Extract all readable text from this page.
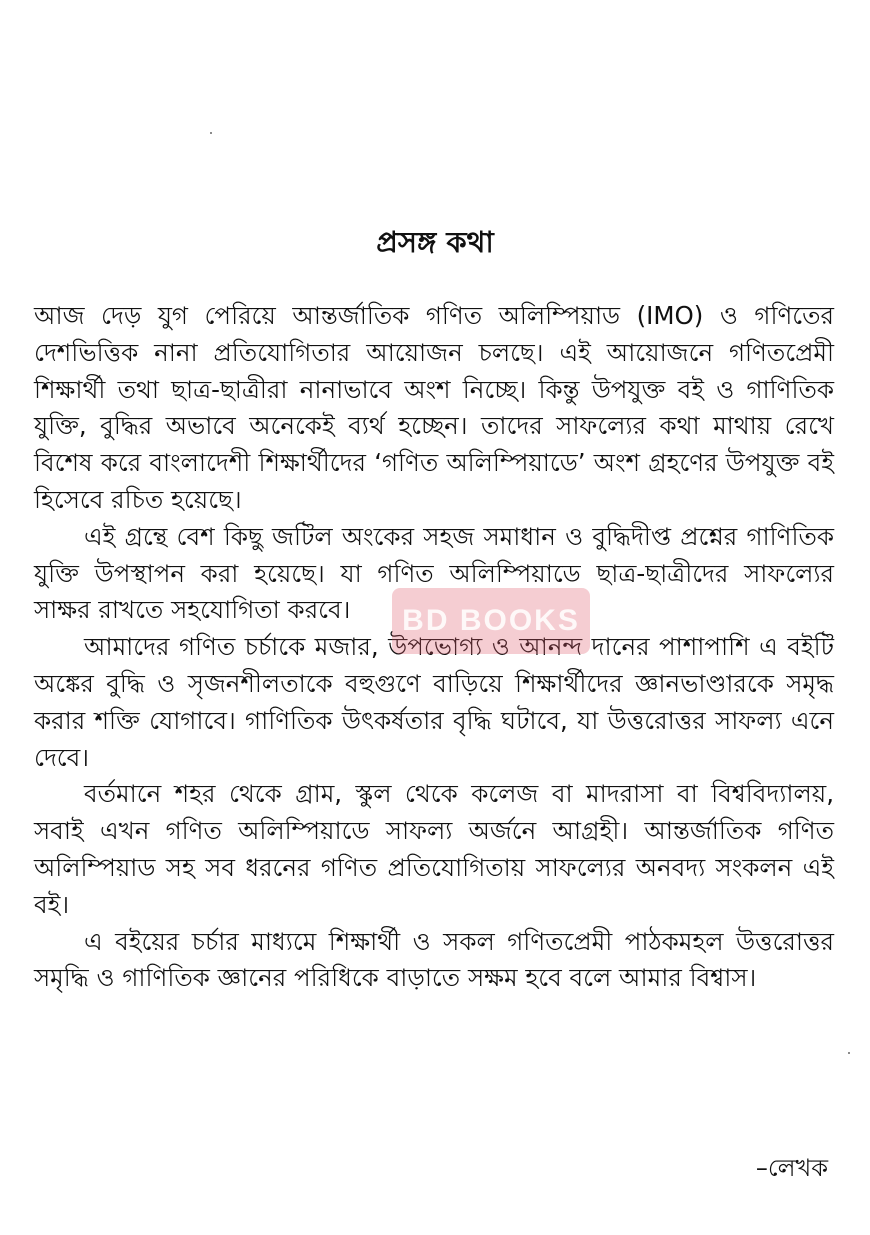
প্রসঙ্গ কথা

আজ দেড় যুগ পেরিয়ে আন্তর্জাতিক গণিত অলিম্পিয়াড (IMO) ও গণিতের দেশভিত্তিক নানা প্রতিযোগিতার আয়োজন চলছে। এই আয়োজনে গণিতপ্রেমী শিক্ষার্থী তথা ছাত্র-ছাত্রীরা নানাভাবে অংশ নিচ্ছে। কিন্তু উপযুক্ত বই ও গাণিতিক যুক্তি, বুদ্ধির অভাবে অনেকেই ব্যর্থ হচ্ছেন। তাদের সাফল্যের কথা মাথায় রেখে বিশেষ করে বাংলাদেশী শিক্ষার্থীদের ‘গণিত অলিম্পিয়াডে’ অংশ গ্রহণের উপযুক্ত বই হিসেবে রচিত হয়েছে।

এই গ্রন্থে বেশ কিছু জটিল অংকের সহজ সমাধান ও বুদ্ধিদীপ্ত প্রশ্নের গাণিতিক যুক্তি উপস্থাপন করা হয়েছে। যা গণিত অলিম্পিয়াডে ছাত্র-ছাত্রীদের সাফল্যের সাক্ষর রাখতে সহযোগিতা করবে।

আমাদের গণিত চর্চাকে মজার, উপভোগ্য ও আনন্দ দানের পাশাপাশি এ বইটি অঙ্কের বুদ্ধি ও সৃজনশীলতাকে বহুগুণে বাড়িয়ে শিক্ষার্থীদের জ্ঞানভাণ্ডারকে সমৃদ্ধ করার শক্তি যোগাবে। গাণিতিক উৎকর্ষতার বৃদ্ধি ঘটাবে, যা উত্তরোত্তর সাফল্য এনে দেবে।

বর্তমানে শহর থেকে গ্রাম, স্কুল থেকে কলেজ বা মাদরাসা বা বিশ্ববিদ্যালয়, সবাই এখন গণিত অলিম্পিয়াডে সাফল্য অর্জনে আগ্রহী। আন্তর্জাতিক গণিত অলিম্পিয়াড সহ সব ধরনের গণিত প্রতিযোগিতায় সাফল্যের অনবদ্য সংকলন এই বই।

এ বইয়ের চর্চার মাধ্যমে শিক্ষার্থী ও সকল গণিতপ্রেমী পাঠকমহল উত্তরোত্তর সমৃদ্ধি ও গাণিতিক জ্ঞানের পরিধিকে বাড়াতে সক্ষম হবে বলে আমার বিশ্বাস।

–লেখক
BD BOOKS
